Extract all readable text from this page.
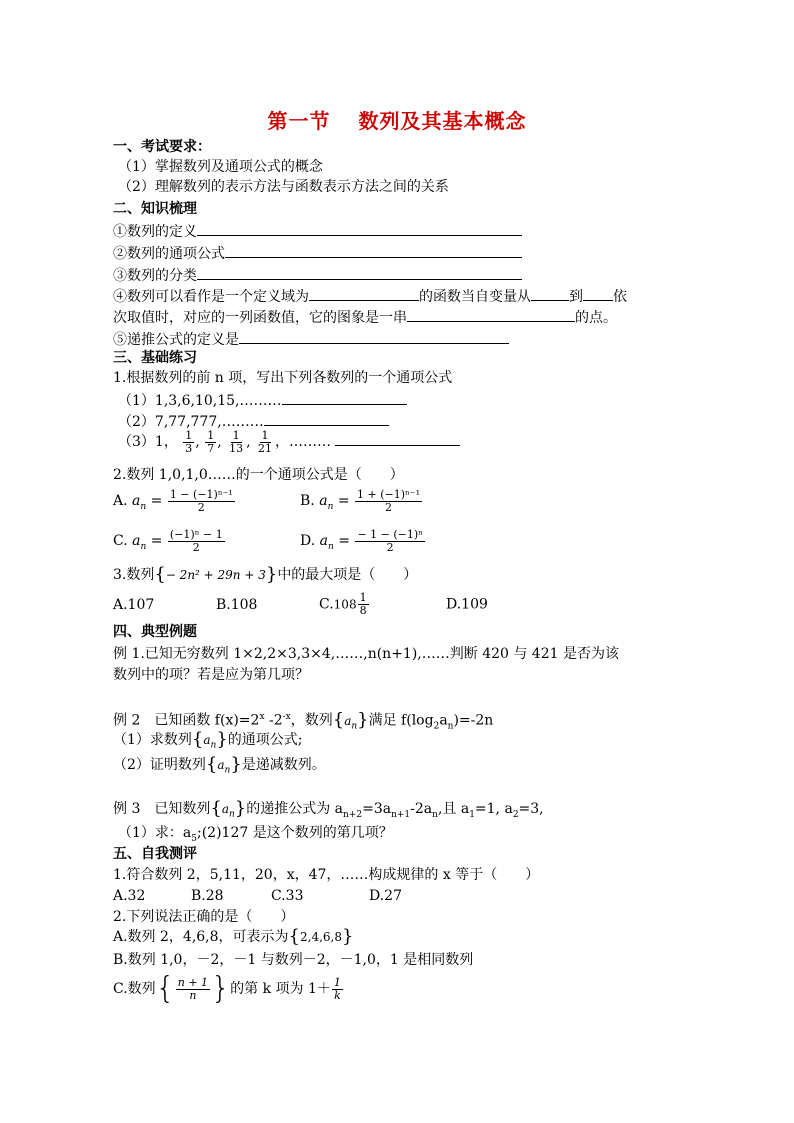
第一节 数列及其基本概念
一、考试要求：
（1）掌握数列及通项公式的概念
（2）理解数列的表示方法与函数表示方法之间的关系
二、知识梳理
①数列的定义
②数列的通项公式
③数列的分类
④数列可以看作是一个定义域为	的函数当自变量从	到 依
次取值时，对应的一列函数值，它的图象是一串	的点。
⑤递推公式的定义是
三、基础练习
1.根据数列的前 n 项，写出下列各数列的一个通项公式
（1）1,3,6,10,15,………
（2）7,77,777,………
（3）1， $\frac{1}{3}$ , $\frac{1}{7}$ , $\frac{1}{13}$ , $\frac{1}{21}$ ，………
2.数列 1,0,1,0……的一个通项公式是（　　）
A. $a_n = \frac{\text{1 − (−1)ⁿ⁻¹}}{2}$	B. $a_n = \frac{\text{1 + (−1)ⁿ⁻¹}}{2}$
C. $a_n = \frac{\text{(−1)ⁿ − 1}}{2}$	D. $a_n = \frac{\text{− 1 − (−1)ⁿ}}{2}$
3.数列{− 2n² + 29n + 3}中的最大项是（　　）
A.107	B.108	$C.108 \frac{1}{8}$	D.109
四、典型例题
例 1.已知无穷数列 1×2,2×3,3×4,……,n(n+1),……判断 420 与 421 是否为该
数列中的项？若是应为第几项？
例 2　已知函数 $f(x)=2^x$ $-2^{-x}$，数列$\{a_n\}$满足 $f(\log_2a_n)=-2n$
（1）求数列$\{a_n\}$的通项公式;
（2）证明数列$\{a_n\}$是递减数列。
例 3　已知数列$\{a_n\}$的递推公式为 $a_{n+2}=3a_{n+1}-2a_n$,且 $a_1=1$, $a_2=3$,
（1）求：$a_5;(2)127$ 是这个数列的第几项？
五、自我测评
1.符合数列 2，5,11，20，x，47，……构成规律的 x 等于（　　）
A.32	B.28	C.33	D.27
2.下列说法正确的是（　　）
A.数列 2，4,6,8，可表示为{2,4,6,8}
B.数列 1,0，－2，－1 与数列－2，－1,0，1 是相同数列
C.数列{ $\frac{n + 1}{n}$ }的第 k 项为 $1+ \frac{1}{k}$
